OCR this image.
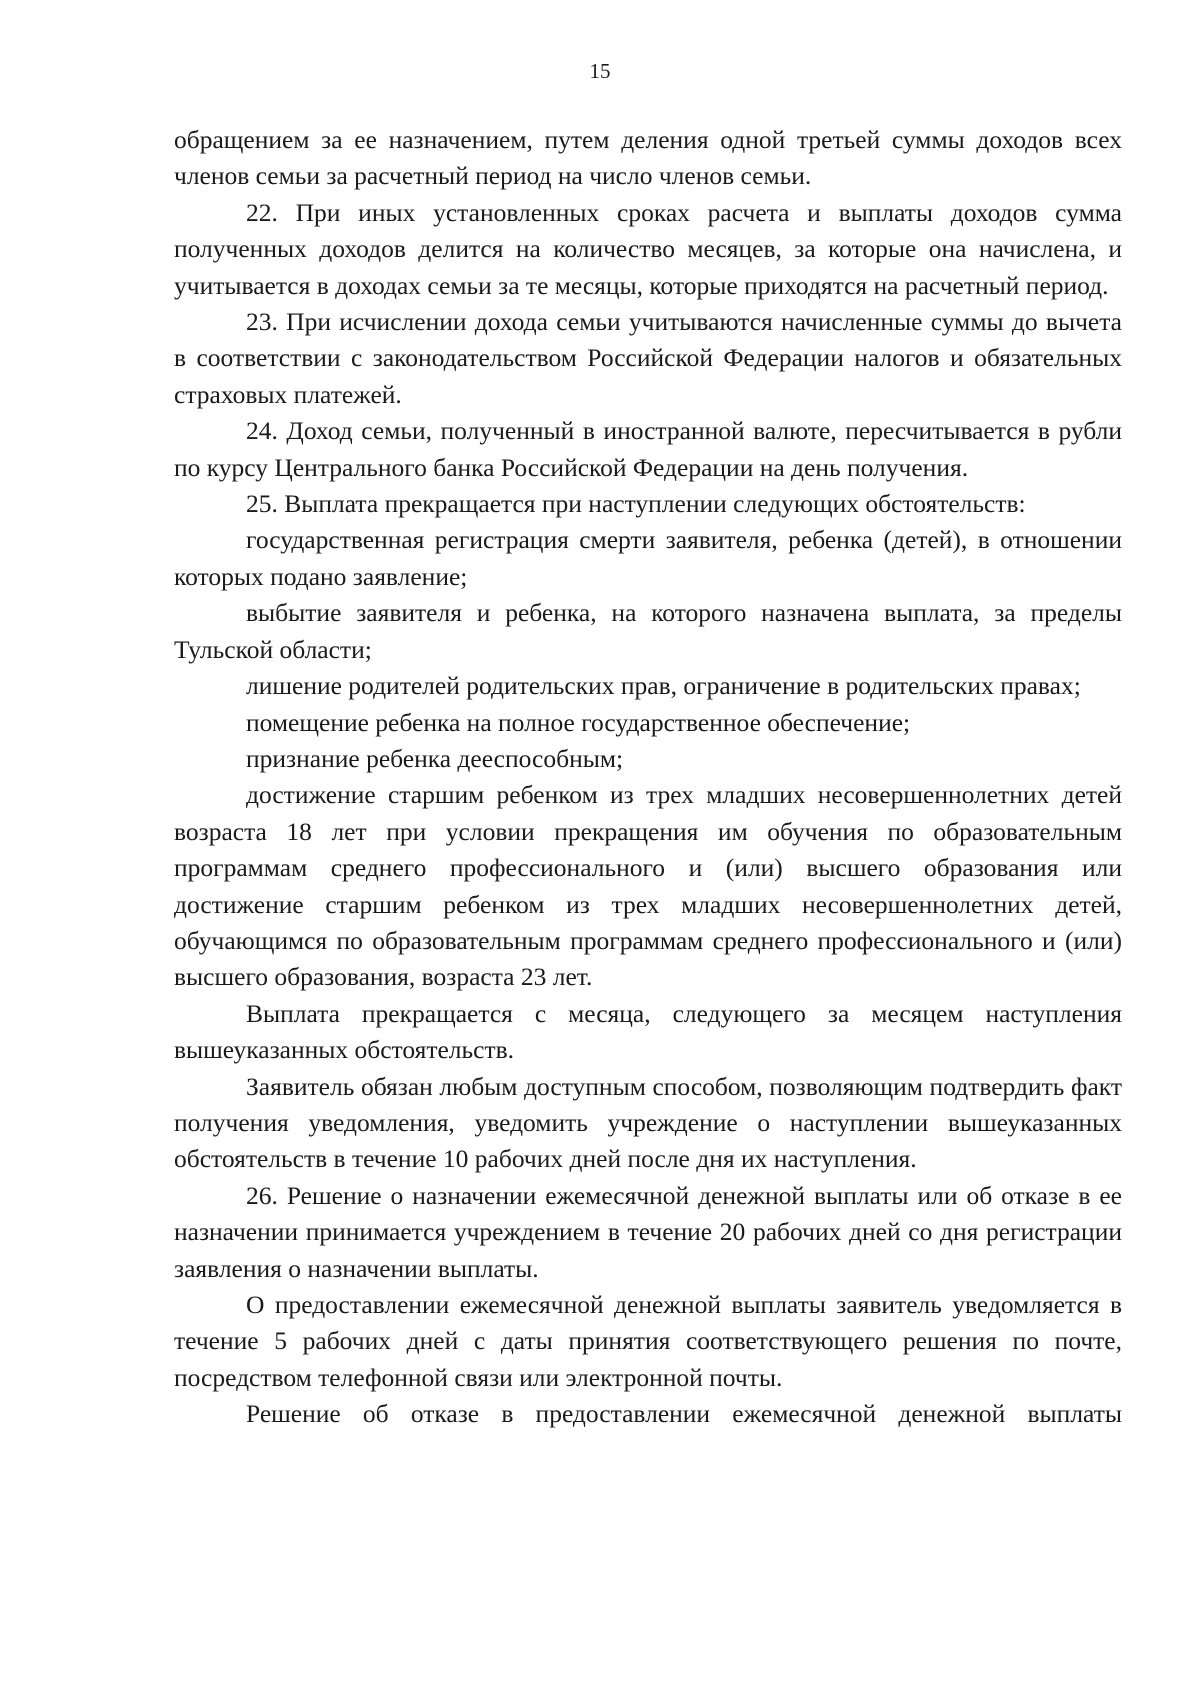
15

обращением за ее назначением, путем деления одной третьей суммы доходов всех членов семьи за расчетный период на число членов семьи.

22. При иных установленных сроках расчета и выплаты доходов сумма полученных доходов делится на количество месяцев, за которые она начислена, и учитывается в доходах семьи за те месяцы, которые приходятся на расчетный период.

23. При исчислении дохода семьи учитываются начисленные суммы до вычета в соответствии с законодательством Российской Федерации налогов и обязательных страховых платежей.

24. Доход семьи, полученный в иностранной валюте, пересчитывается в рубли по курсу Центрального банка Российской Федерации на день получения.

25. Выплата прекращается при наступлении следующих обстоятельств:

государственная регистрация смерти заявителя, ребенка (детей), в отношении которых подано заявление;

выбытие заявителя и ребенка, на которого назначена выплата, за пределы Тульской области;

лишение родителей родительских прав, ограничение в родительских правах;

помещение ребенка на полное государственное обеспечение;

признание ребенка дееспособным;

достижение старшим ребенком из трех младших несовершеннолетних детей возраста 18 лет при условии прекращения им обучения по образовательным программам среднего профессионального и (или) высшего образования или достижение старшим ребенком из трех младших несовершеннолетних детей, обучающимся по образовательным программам среднего профессионального и (или) высшего образования, возраста 23 лет.

Выплата прекращается с месяца, следующего за месяцем наступления вышеуказанных обстоятельств.

Заявитель обязан любым доступным способом, позволяющим подтвердить факт получения уведомления, уведомить учреждение о наступлении вышеуказанных обстоятельств в течение 10 рабочих дней после дня их наступления.

26. Решение о назначении ежемесячной денежной выплаты или об отказе в ее назначении принимается учреждением в течение 20 рабочих дней со дня регистрации заявления о назначении выплаты.

О предоставлении ежемесячной денежной выплаты заявитель уведомляется в течение 5 рабочих дней с даты принятия соответствующего решения по почте, посредством телефонной связи или электронной почты.

Решение об отказе в предоставлении ежемесячной денежной выплаты
